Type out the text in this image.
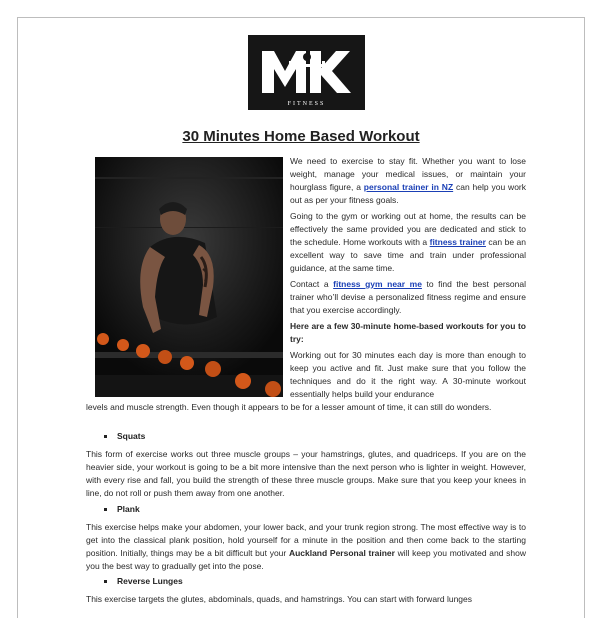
FITNESS
30 Minutes Home Based Workout

We need to exercise to stay fit. Whether you want to lose weight, manage your medical issues, or maintain your hourglass figure, a personal trainer in NZ can help you work out as per your fitness goals.

Going to the gym or working out at home, the results can be effectively the same provided you are dedicated and stick to the schedule. Home workouts with a fitness trainer can be an excellent way to save time and train under professional guidance, at the same time.

Contact a fitness gym near me to find the best personal trainer who’ll devise a personalized fitness regime and ensure that you exercise accordingly.

Here are a few 30-minute home-based workouts for you to try:

Working out for 30 minutes each day is more than enough to keep you active and fit. Just make sure that you follow the techniques and do it the right way. A 30-minute workout essentially helps build your endurance

levels and muscle strength. Even though it appears to be for a lesser amount of time, it can still do wonders.

Squats

This form of exercise works out three muscle groups – your hamstrings, glutes, and quadriceps. If you are on the heavier side, your workout is going to be a bit more intensive than the next person who is lighter in weight. However, with every rise and fall, you build the strength of these three muscle groups. Make sure that you keep your knees in line, do not roll or push them away from one another.

Plank

This exercise helps make your abdomen, your lower back, and your trunk region strong. The most effective way is to get into the classical plank position, hold yourself for a minute in the position and then come back to the starting position. Initially, things may be a bit difficult but your Auckland Personal trainer will keep you motivated and show you the best way to gradually get into the pose.

Reverse Lunges

This exercise targets the glutes, abdominals, quads, and hamstrings. You can start with forward lunges
